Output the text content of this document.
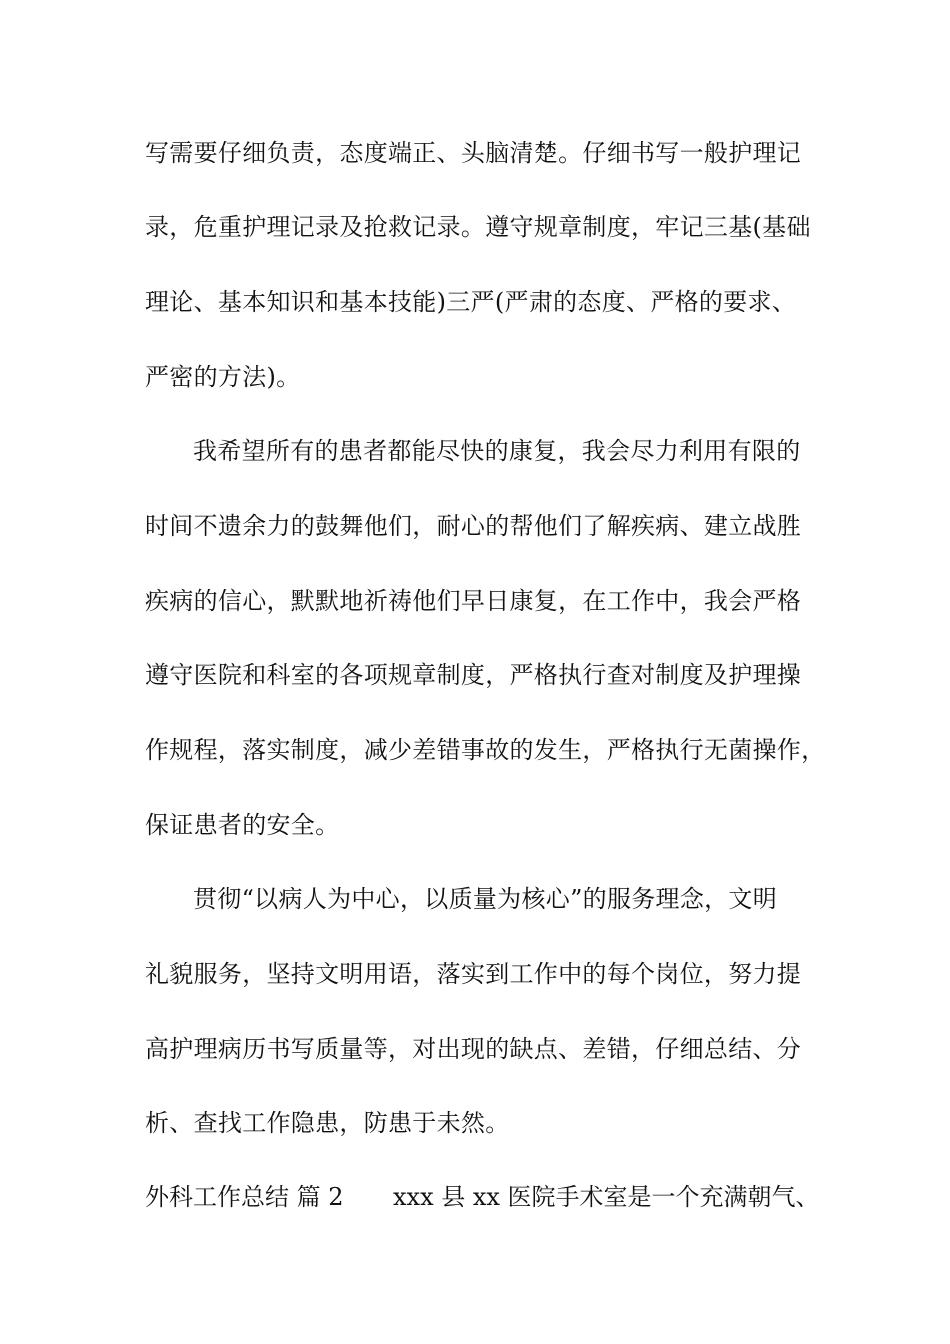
写需要仔细负责，态度端正、头脑清楚。仔细书写一般护理记
录，危重护理记录及抢救记录。遵守规章制度，牢记三基(基础
理论、基本知识和基本技能)三严(严肃的态度、严格的要求、
严密的方法)。
我希望所有的患者都能尽快的康复，我会尽力利用有限的
时间不遗余力的鼓舞他们，耐心的帮他们了解疾病、建立战胜
疾病的信心，默默地祈祷他们早日康复，在工作中，我会严格
遵守医院和科室的各项规章制度，严格执行查对制度及护理操
作规程，落实制度，减少差错事故的发生，严格执行无菌操作，
保证患者的安全。
贯彻“以病人为中心，以质量为核心”的服务理念，文明
礼貌服务，坚持文明用语，落实到工作中的每个岗位，努力提
高护理病历书写质量等，对出现的缺点、差错，仔细总结、分
析、查找工作隐患，防患于未然。
外科工作总结 篇 2 xxx 县 xx 医院手术室是一个充满朝气、
